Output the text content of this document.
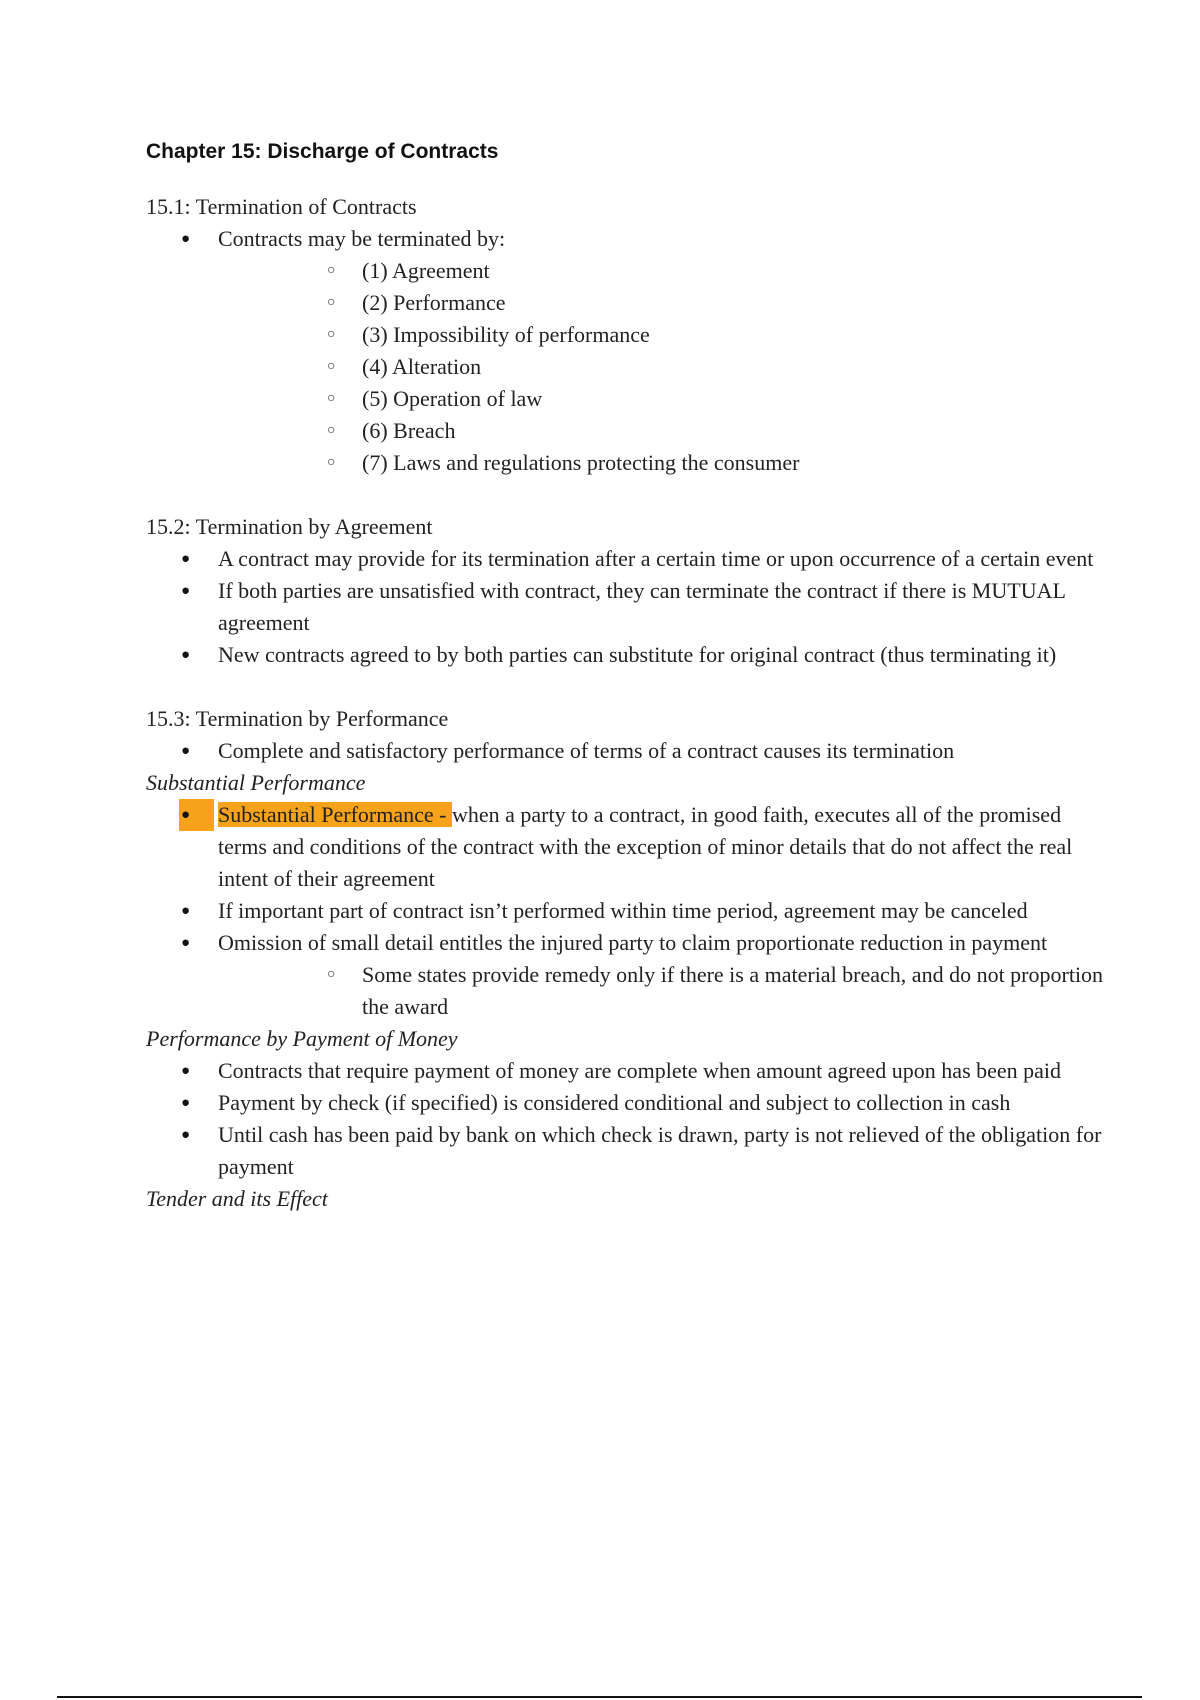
Chapter 15: Discharge of Contracts

15.1: Termination of Contracts

● Contracts may be terminated by:
○ (1) Agreement
○ (2) Performance
○ (3) Impossibility of performance
○ (4) Alteration
○ (5) Operation of law
○ (6) Breach
○ (7) Laws and regulations protecting the consumer

15.2: Termination by Agreement

● A contract may provide for its termination after a certain time or upon occurrence of a certain event
● If both parties are unsatisfied with contract, they can terminate the contract if there is MUTUAL agreement
● New contracts agreed to by both parties can substitute for original contract (thus terminating it)

15.3: Termination by Performance

● Complete and satisfactory performance of terms of a contract causes its termination

Substantial Performance

● Substantial Performance - when a party to a contract, in good faith, executes all of the promised terms and conditions of the contract with the exception of minor details that do not affect the real intent of their agreement
● If important part of contract isn’t performed within time period, agreement may be canceled
● Omission of small detail entitles the injured party to claim proportionate reduction in payment
○ Some states provide remedy only if there is a material breach, and do not proportion the award

Performance by Payment of Money

● Contracts that require payment of money are complete when amount agreed upon has been paid
● Payment by check (if specified) is considered conditional and subject to collection in cash
● Until cash has been paid by bank on which check is drawn, party is not relieved of the obligation for payment

Tender and its Effect
